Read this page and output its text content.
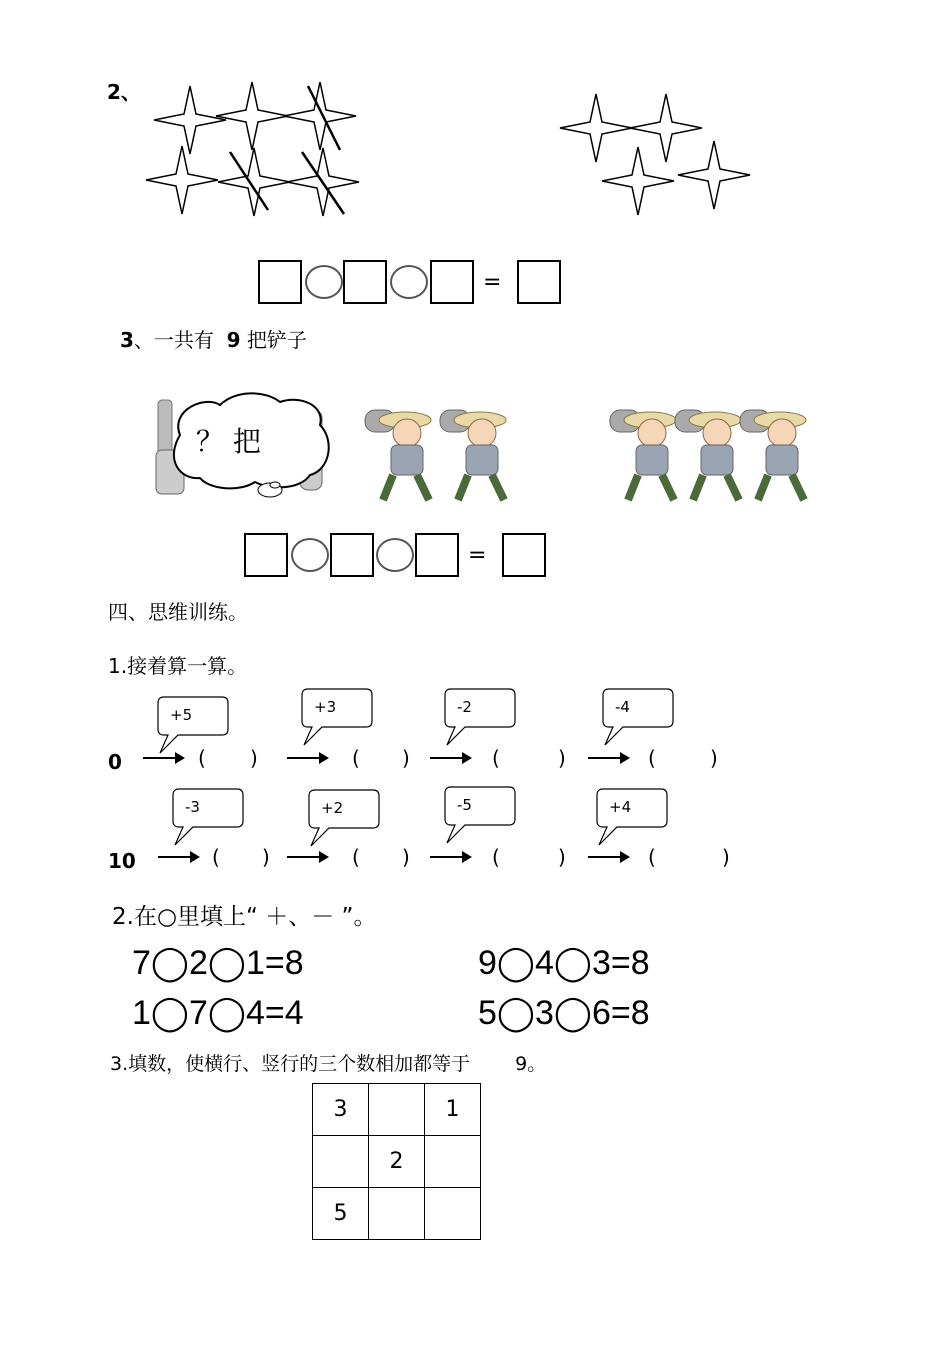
2、
=
3、一共有 9 把铲子
？ 把
=
四、思维训练。
1.接着算一算。
0
+5	+3	-2	-4
( )	( )	(	)	(	)
10
-3	+2	-5	+4
( )	( )	(	)	(	)
2.在○里填上“ ＋、－ ”。
7◯2◯1=8	9◯4◯3=8
1◯7◯4=4	5◯3◯6=8
3.填数，使横行、竖行的三个数相加都等于 9。
3		1
	2	
5		
